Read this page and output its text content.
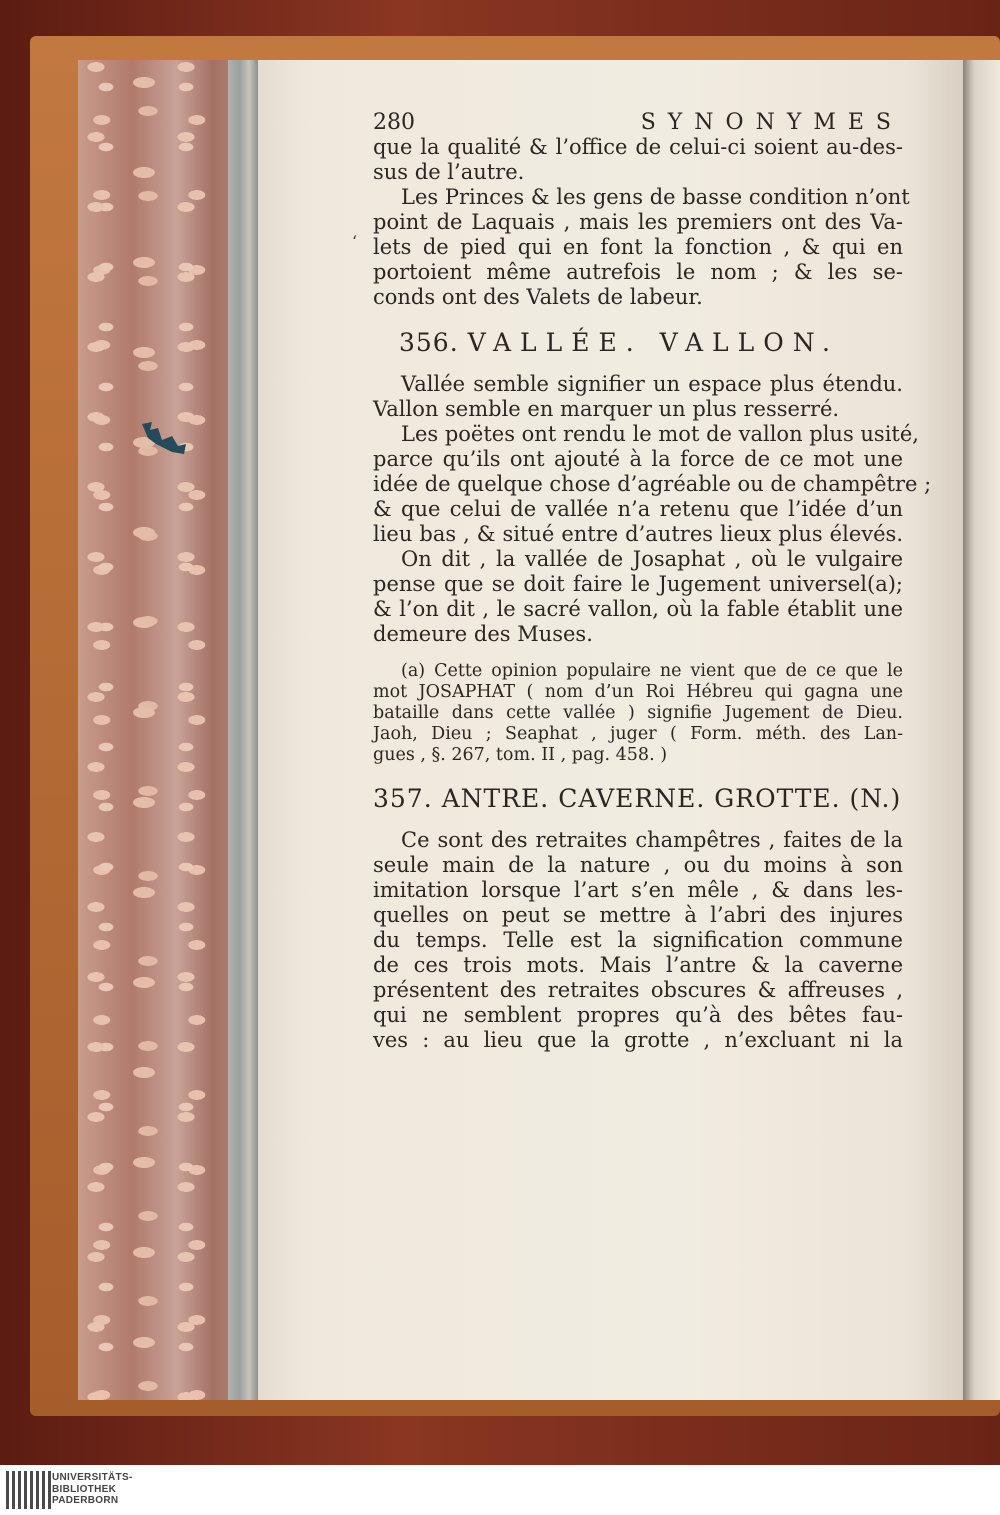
‘
280	SYNONYMES
que la qualité & l’office de celui-ci soient au-des-
sus de l’autre.
Les Princes & les gens de basse condition n’ont
point de Laquais , mais les premiers ont des Va-
lets de pied qui en font la fonction , & qui en
portoient même autrefois le nom ; & les se-
conds ont des Valets de labeur.
356. VALLÉE. VALLON.
Vallée semble signifier un espace plus étendu.
Vallon semble en marquer un plus resserré.
Les poëtes ont rendu le mot de vallon plus usité,
parce qu’ils ont ajouté à la force de ce mot une
idée de quelque chose d’agréable ou de champêtre ;
& que celui de vallée n’a retenu que l’idée d’un
lieu bas , & situé entre d’autres lieux plus élevés.
On dit , la vallée de Josaphat , où le vulgaire
pense que se doit faire le Jugement universel(a);
& l’on dit , le sacré vallon, où la fable établit une
demeure des Muses.
(a) Cette opinion populaire ne vient que de ce que le
mot JOSAPHAT ( nom d’un Roi Hébreu qui gagna une
bataille dans cette vallée ) signifie Jugement de Dieu.
Jaoh, Dieu ; Seaphat , juger ( Form. méth. des Lan-
gues , §. 267, tom. II , pag. 458. )
357. ANTRE. CAVERNE. GROTTE. (N.)
Ce sont des retraites champêtres , faites de la
seule main de la nature , ou du moins à son
imitation lorsque l’art s’en mêle , & dans les-
quelles on peut se mettre à l’abri des injures
du temps. Telle est la signification commune
de ces trois mots. Mais l’antre & la caverne
présentent des retraites obscures & affreuses ,
qui ne semblent propres qu’à des bêtes fau-
ves : au lieu que la grotte , n’excluant ni la
UNIVERSITÄTS-
BIBLIOTHEK
PADERBORN
